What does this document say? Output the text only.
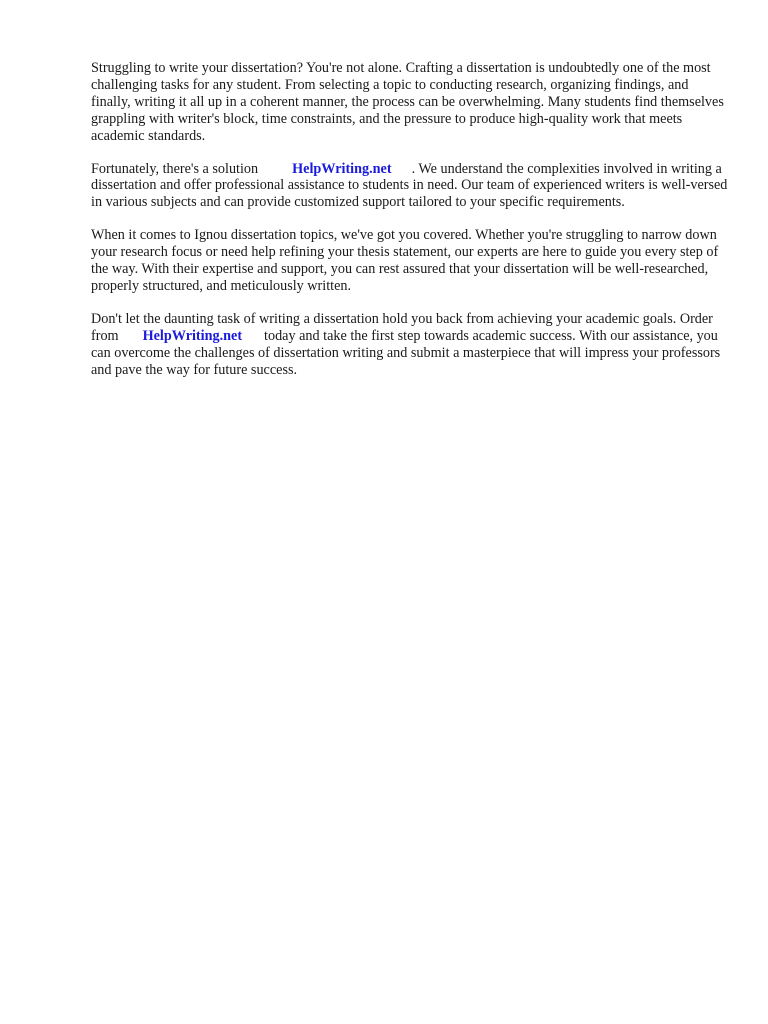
Struggling to write your dissertation? You're not alone. Crafting a dissertation is undoubtedly one of the most challenging tasks for any student. From selecting a topic to conducting research, organizing findings, and finally, writing it all up in a coherent manner, the process can be overwhelming. Many students find themselves grappling with writer's block, time constraints, and the pressure to produce high-quality work that meets academic standards.

Fortunately, there's a solution HelpWriting.net . We understand the complexities involved in writing a dissertation and offer professional assistance to students in need. Our team of experienced writers is well-versed in various subjects and can provide customized support tailored to your specific requirements.

When it comes to Ignou dissertation topics, we've got you covered. Whether you're struggling to narrow down your research focus or need help refining your thesis statement, our experts are here to guide you every step of the way. With their expertise and support, you can rest assured that your dissertation will be well-researched, properly structured, and meticulously written.

Don't let the daunting task of writing a dissertation hold you back from achieving your academic goals. Order from HelpWriting.net today and take the first step towards academic success. With our assistance, you can overcome the challenges of dissertation writing and submit a masterpiece that will impress your professors and pave the way for future success.
